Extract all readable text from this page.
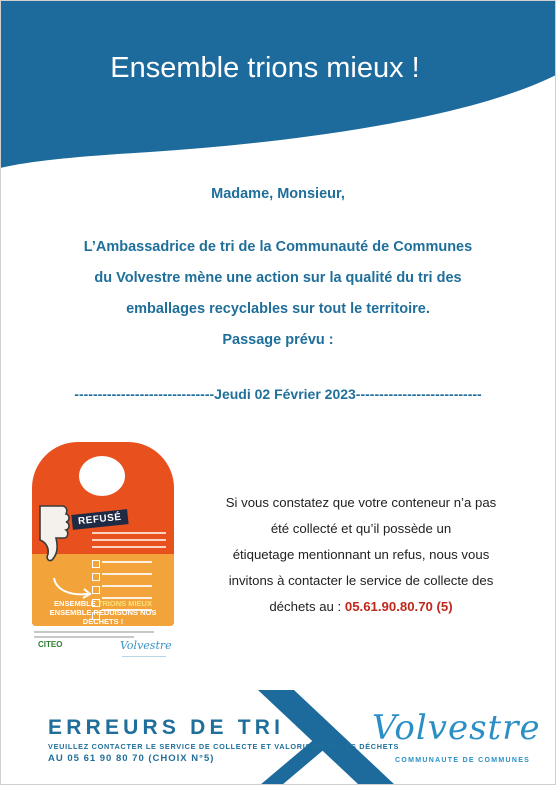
Ensemble trions mieux !
Madame, Monsieur,
L’Ambassadrice de tri de la Communauté de Communes
du Volvestre mène une action sur la qualité du tri des
emballages recyclables sur tout le territoire.
Passage prévu :
------------------------------Jeudi 02 Février 2023---------------------------
REFUSÉ
ENSEMBLE TRIONS MIEUX
ENSEMBLE REDUISONS NOS DÉCHETS !
CITEO	Volvestre
Si vous constatez que votre conteneur n’a pas
été collecté et qu’il possède un
étiquetage mentionnant un refus, nous vous
invitons à contacter le service de collecte des
déchets au : 05.61.90.80.70 (5)
ERREURS DE TRI
VEUILLEZ CONTACTER LE SERVICE DE COLLECTE ET VALORISATION DES DÉCHETS
AU 05 61 90 80 70 (CHOIX N°5)
Volvestre
COMMUNAUTE DE COMMUNES
